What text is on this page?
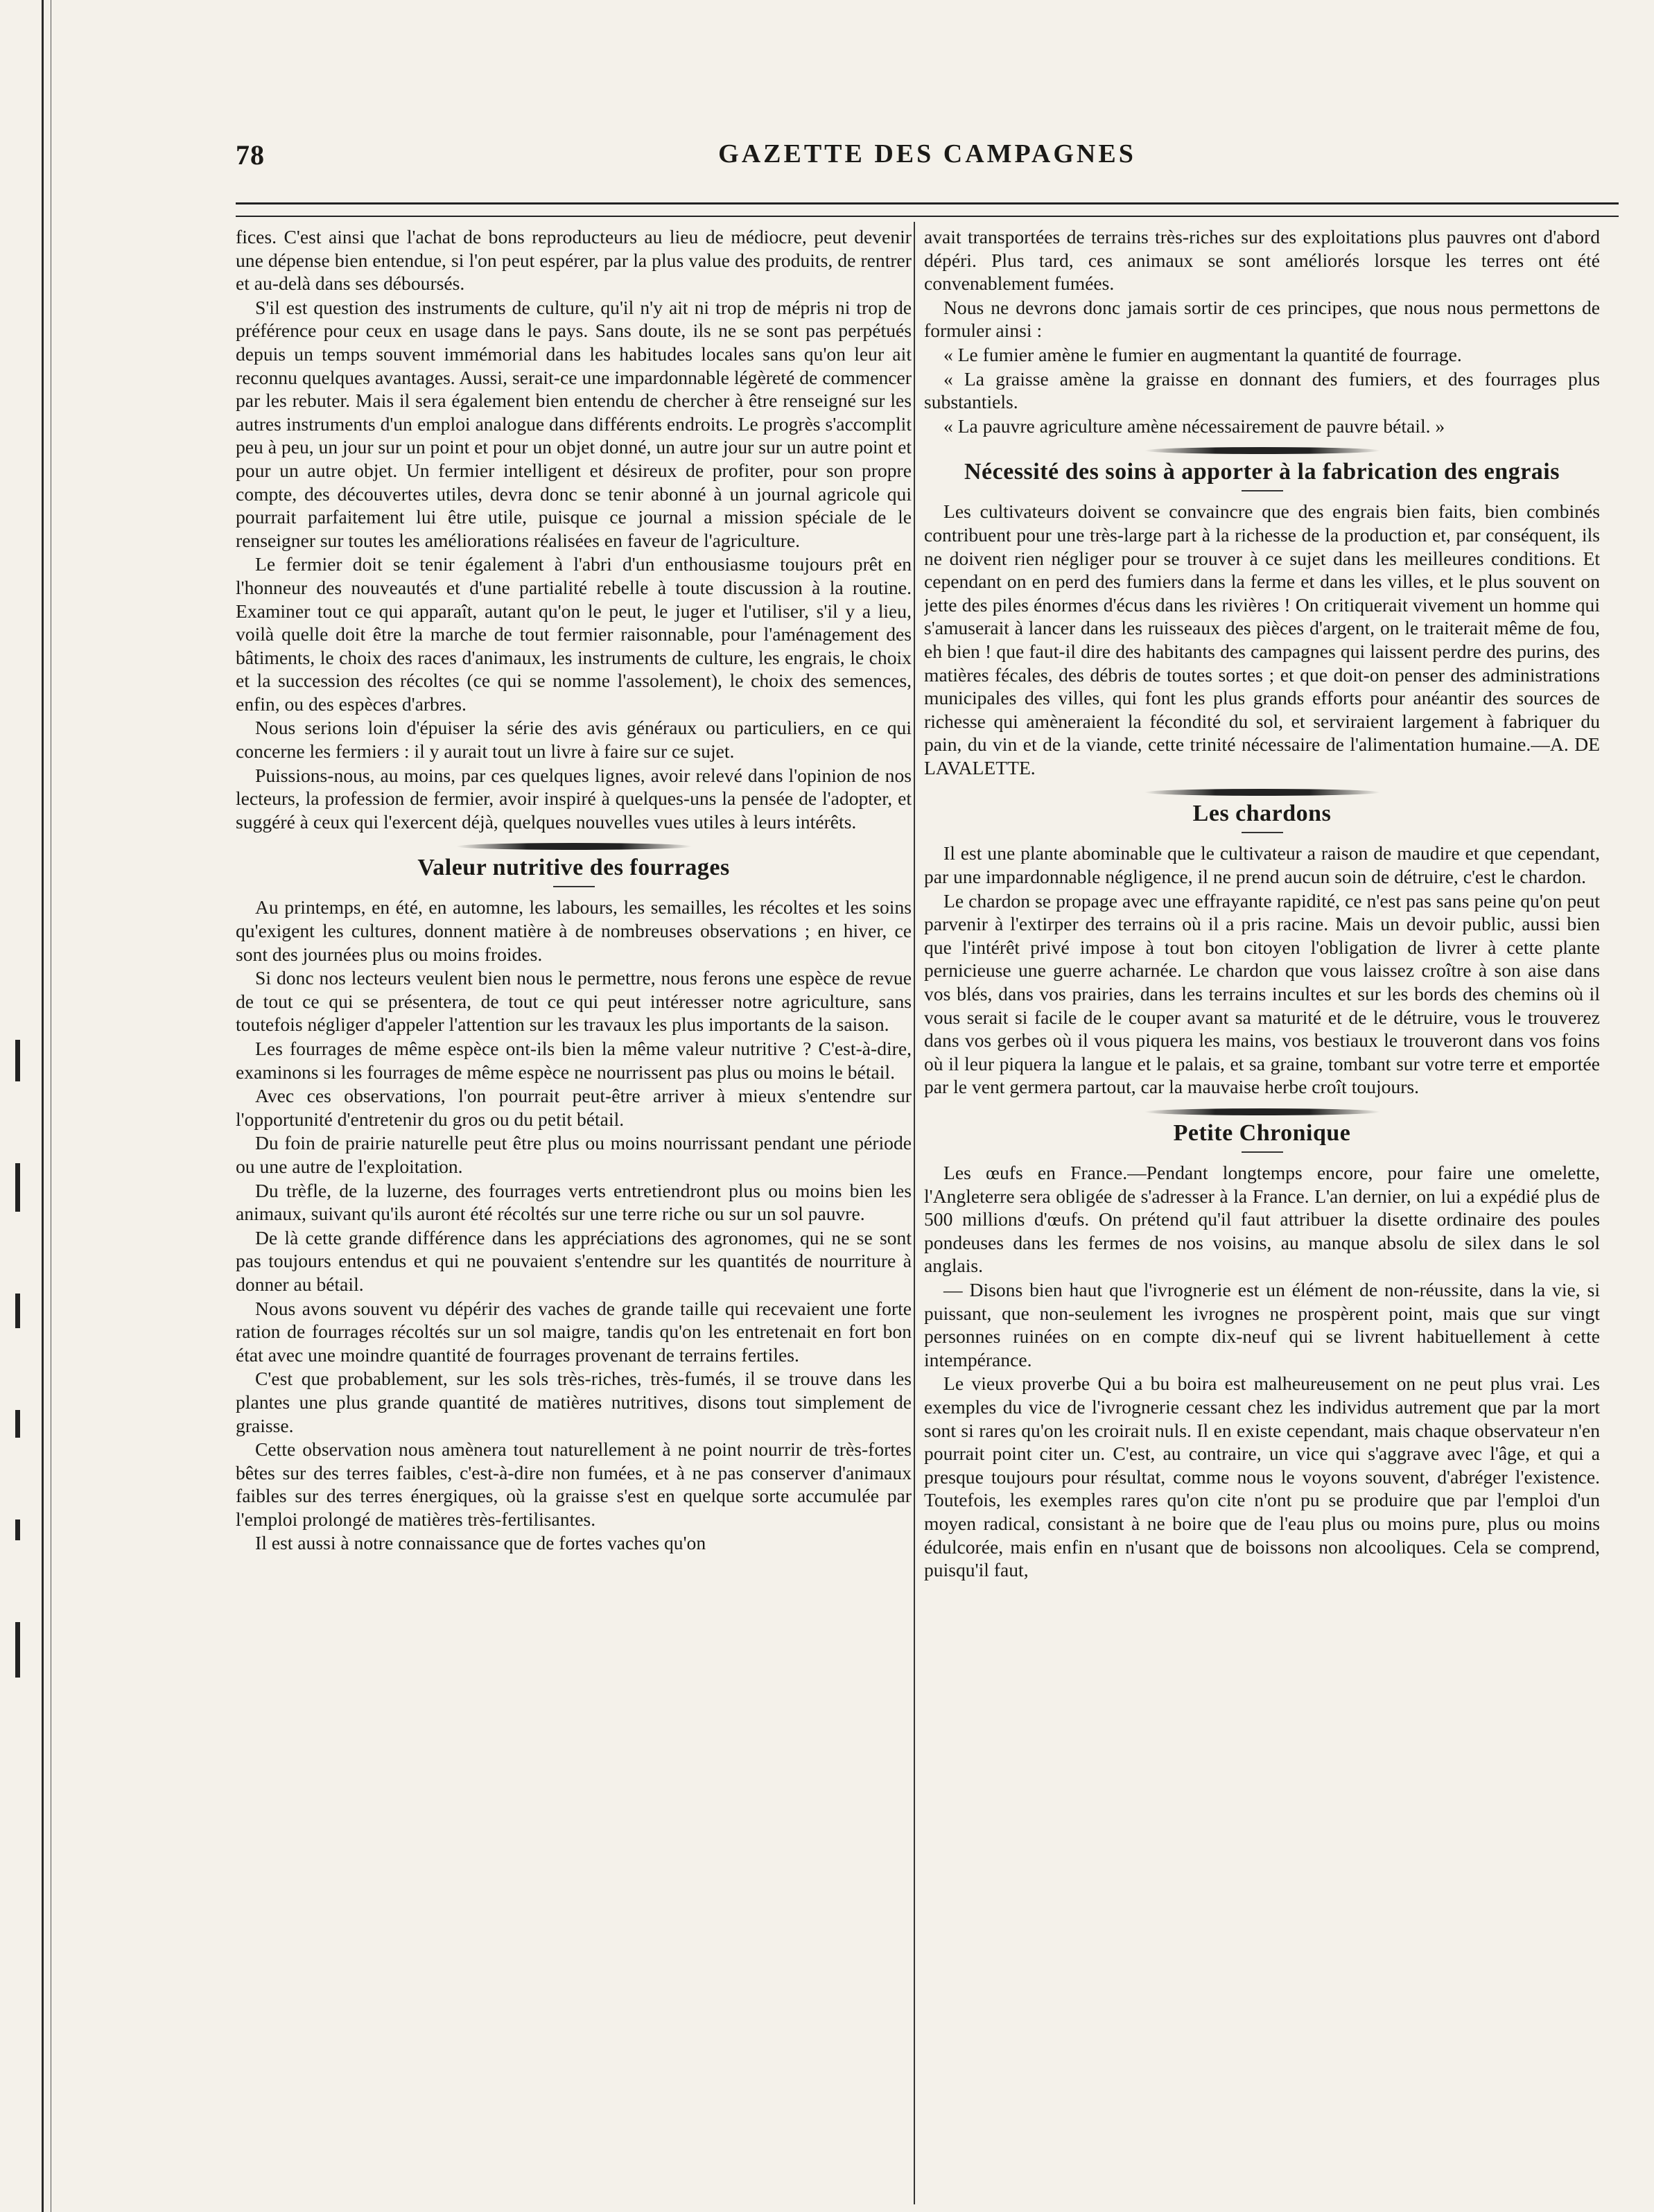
78	GAZETTE DES CAMPAGNES

fices. C'est ainsi que l'achat de bons reproducteurs au lieu de médiocre, peut devenir une dépense bien entendue, si l'on peut espérer, par la plus value des produits, de rentrer et au-delà dans ses déboursés.

S'il est question des instruments de culture, qu'il n'y ait ni trop de mépris ni trop de préférence pour ceux en usage dans le pays. Sans doute, ils ne se sont pas perpétués depuis un temps souvent immémorial dans les habitudes locales sans qu'on leur ait reconnu quelques avantages. Aussi, serait-ce une impardonnable légèreté de commencer par les rebuter. Mais il sera également bien entendu de chercher à être renseigné sur les autres instruments d'un emploi analogue dans différents endroits. Le progrès s'accomplit peu à peu, un jour sur un point et pour un objet donné, un autre jour sur un autre point et pour un autre objet. Un fermier intelligent et désireux de profiter, pour son propre compte, des découvertes utiles, devra donc se tenir abonné à un journal agricole qui pourrait parfaitement lui être utile, puisque ce journal a mission spéciale de le renseigner sur toutes les améliorations réalisées en faveur de l'agriculture.

Le fermier doit se tenir également à l'abri d'un enthousiasme toujours prêt en l'honneur des nouveautés et d'une partialité rebelle à toute discussion à la routine. Examiner tout ce qui apparaît, autant qu'on le peut, le juger et l'utiliser, s'il y a lieu, voilà quelle doit être la marche de tout fermier raisonnable, pour l'aménagement des bâtiments, le choix des races d'animaux, les instruments de culture, les engrais, le choix et la succession des récoltes (ce qui se nomme l'assolement), le choix des semences, enfin, ou des espèces d'arbres.

Nous serions loin d'épuiser la série des avis généraux ou particuliers, en ce qui concerne les fermiers : il y aurait tout un livre à faire sur ce sujet.

Puissions-nous, au moins, par ces quelques lignes, avoir relevé dans l'opinion de nos lecteurs, la profession de fermier, avoir inspiré à quelques-uns la pensée de l'adopter, et suggéré à ceux qui l'exercent déjà, quelques nouvelles vues utiles à leurs intérêts.

Valeur nutritive des fourrages

Au printemps, en été, en automne, les labours, les semailles, les récoltes et les soins qu'exigent les cultures, donnent matière à de nombreuses observations ; en hiver, ce sont des journées plus ou moins froides.

Si donc nos lecteurs veulent bien nous le permettre, nous ferons une espèce de revue de tout ce qui se présentera, de tout ce qui peut intéresser notre agriculture, sans toutefois négliger d'appeler l'attention sur les travaux les plus importants de la saison.

Les fourrages de même espèce ont-ils bien la même valeur nutritive ? C'est-à-dire, examinons si les fourrages de même espèce ne nourrissent pas plus ou moins le bétail.

Avec ces observations, l'on pourrait peut-être arriver à mieux s'entendre sur l'opportunité d'entretenir du gros ou du petit bétail.

Du foin de prairie naturelle peut être plus ou moins nourrissant pendant une période ou une autre de l'exploitation.

Du trèfle, de la luzerne, des fourrages verts entretiendront plus ou moins bien les animaux, suivant qu'ils auront été récoltés sur une terre riche ou sur un sol pauvre.

De là cette grande différence dans les appréciations des agronomes, qui ne se sont pas toujours entendus et qui ne pouvaient s'entendre sur les quantités de nourriture à donner au bétail.

Nous avons souvent vu dépérir des vaches de grande taille qui recevaient une forte ration de fourrages récoltés sur un sol maigre, tandis qu'on les entretenait en fort bon état avec une moindre quantité de fourrages provenant de terrains fertiles.

C'est que probablement, sur les sols très-riches, très-fumés, il se trouve dans les plantes une plus grande quantité de matières nutritives, disons tout simplement de graisse.

Cette observation nous amènera tout naturellement à ne point nourrir de très-fortes bêtes sur des terres faibles, c'est-à-dire non fumées, et à ne pas conserver d'animaux faibles sur des terres énergiques, où la graisse s'est en quelque sorte accumulée par l'emploi prolongé de matières très-fertilisantes.

Il est aussi à notre connaissance que de fortes vaches qu'on

avait transportées de terrains très-riches sur des exploitations plus pauvres ont d'abord dépéri. Plus tard, ces animaux se sont améliorés lorsque les terres ont été convenablement fumées.

Nous ne devrons donc jamais sortir de ces principes, que nous nous permettons de formuler ainsi :

« Le fumier amène le fumier en augmentant la quantité de fourrage.

« La graisse amène la graisse en donnant des fumiers, et des fourrages plus substantiels.

« La pauvre agriculture amène nécessairement de pauvre bétail. »

Nécessité des soins à apporter à la fabrication des engrais

Les cultivateurs doivent se convaincre que des engrais bien faits, bien combinés contribuent pour une très-large part à la richesse de la production et, par conséquent, ils ne doivent rien négliger pour se trouver à ce sujet dans les meilleures conditions. Et cependant on en perd des fumiers dans la ferme et dans les villes, et le plus souvent on jette des piles énormes d'écus dans les rivières ! On critiquerait vivement un homme qui s'amuserait à lancer dans les ruisseaux des pièces d'argent, on le traiterait même de fou, eh bien ! que faut-il dire des habitants des campagnes qui laissent perdre des purins, des matières fécales, des débris de toutes sortes ; et que doit-on penser des administrations municipales des villes, qui font les plus grands efforts pour anéantir des sources de richesse qui amèneraient la fécondité du sol, et serviraient largement à fabriquer du pain, du vin et de la viande, cette trinité nécessaire de l'alimentation humaine.—A. DE LAVALETTE.

Les chardons

Il est une plante abominable que le cultivateur a raison de maudire et que cependant, par une impardonnable négligence, il ne prend aucun soin de détruire, c'est le chardon.

Le chardon se propage avec une effrayante rapidité, ce n'est pas sans peine qu'on peut parvenir à l'extirper des terrains où il a pris racine. Mais un devoir public, aussi bien que l'intérêt privé impose à tout bon citoyen l'obligation de livrer à cette plante pernicieuse une guerre acharnée. Le chardon que vous laissez croître à son aise dans vos blés, dans vos prairies, dans les terrains incultes et sur les bords des chemins où il vous serait si facile de le couper avant sa maturité et de le détruire, vous le trouverez dans vos gerbes où il vous piquera les mains, vos bestiaux le trouveront dans vos foins où il leur piquera la langue et le palais, et sa graine, tombant sur votre terre et emportée par le vent germera partout, car la mauvaise herbe croît toujours.

Petite Chronique

Les œufs en France.—Pendant longtemps encore, pour faire une omelette, l'Angleterre sera obligée de s'adresser à la France. L'an dernier, on lui a expédié plus de 500 millions d'œufs. On prétend qu'il faut attribuer la disette ordinaire des poules pondeuses dans les fermes de nos voisins, au manque absolu de silex dans le sol anglais.

— Disons bien haut que l'ivrognerie est un élément de non-réussite, dans la vie, si puissant, que non-seulement les ivrognes ne prospèrent point, mais que sur vingt personnes ruinées on en compte dix-neuf qui se livrent habituellement à cette intempérance.

Le vieux proverbe Qui a bu boira est malheureusement on ne peut plus vrai. Les exemples du vice de l'ivrognerie cessant chez les individus autrement que par la mort sont si rares qu'on les croirait nuls. Il en existe cependant, mais chaque observateur n'en pourrait point citer un. C'est, au contraire, un vice qui s'aggrave avec l'âge, et qui a presque toujours pour résultat, comme nous le voyons souvent, d'abréger l'existence. Toutefois, les exemples rares qu'on cite n'ont pu se produire que par l'emploi d'un moyen radical, consistant à ne boire que de l'eau plus ou moins pure, plus ou moins édulcorée, mais enfin en n'usant que de boissons non alcooliques. Cela se comprend, puisqu'il faut,
